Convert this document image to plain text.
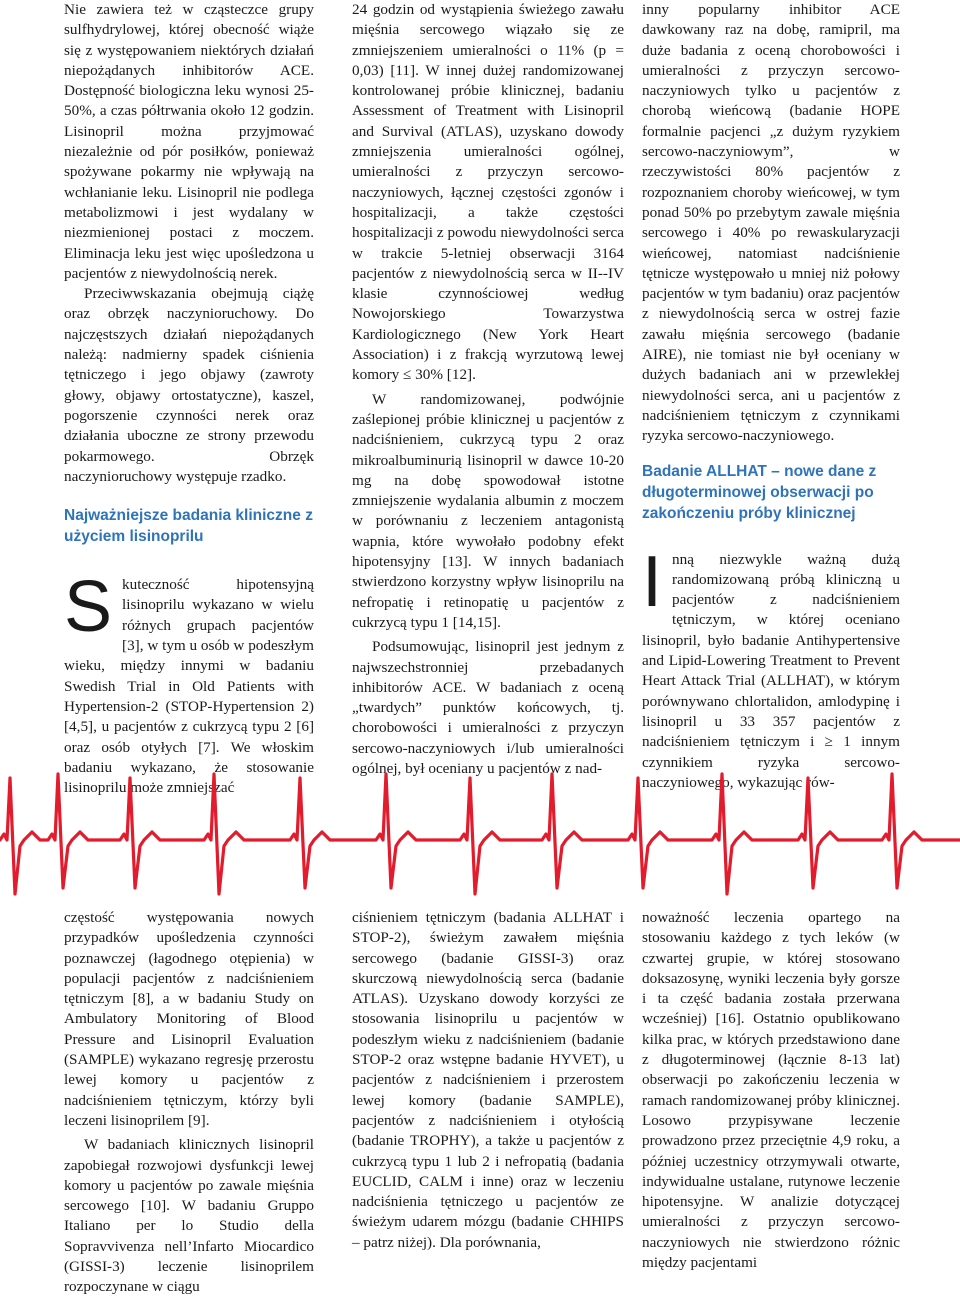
Nie zawiera też w cząsteczce grupy sulfhydrylowej, której obecność wiąże się z występowaniem niektórych działań niepożądanych inhibitorów ACE. Dostępność biologiczna leku wynosi 25-50%, a czas półtrwania około 12 godzin. Lisinopril można przyjmować niezależnie od pór posiłków, ponieważ spożywane pokarmy nie wpływają na wchłanianie leku. Lisinopril nie podlega metabolizmowi i jest wydalany w niezmienionej postaci z moczem. Eliminacja leku jest więc upośledzona u pacjentów z niewydolnością nerek.

Przeciwwskazania obejmują ciążę oraz obrzęk naczynioruchowy. Do najczęstszych działań niepożądanych należą: nadmierny spadek ciśnienia tętniczego i jego objawy (zawroty głowy, objawy ortostatyczne), kaszel, pogorszenie czynności nerek oraz działania uboczne ze strony przewodu pokarmowego. Obrzęk naczynioruchowy występuje rzadko.

Najważniejsze badania kliniczne z użyciem lisinoprilu

Skuteczność hipotensyjną lisinoprilu wykazano w wielu różnych grupach pacjentów [3], w tym u osób w podeszłym wieku, między innymi w badaniu Swedish Trial in Old Patients with Hypertension-2 (STOP-Hypertension 2) [4,5], u pacjentów z cukrzycą typu 2 [6] oraz osób otyłych [7]. We włoskim badaniu wykazano, że stosowanie lisinoprilu może zmniejszać

24 godzin od wystąpienia świeżego zawału mięśnia sercowego wiązało się ze zmniejszeniem umieralności o 11% (p = 0,03) [11]. W innej dużej randomizowanej kontrolowanej próbie klinicznej, badaniu Assessment of Treatment with Lisinopril and Survival (ATLAS), uzyskano dowody zmniejszenia umieralności ogólnej, umieralności z przyczyn sercowo-naczyniowych, łącznej częstości zgonów i hospitalizacji, a także częstości hospitalizacji z powodu niewydolności serca w trakcie 5-letniej obserwacji 3164 pacjentów z niewydolnością serca w II--IV klasie czynnościowej według Nowojorskiego Towarzystwa Kardiologicznego (New York Heart Association) i z frakcją wyrzutową lewej komory ≤ 30% [12].

W randomizowanej, podwójnie zaślepionej próbie klinicznej u pacjentów z nadciśnieniem, cukrzycą typu 2 oraz mikroalbuminurią lisinopril w dawce 10-20 mg na dobę spowodował istotne zmniejszenie wydalania albumin z moczem w porównaniu z leczeniem antagonistą wapnia, które wywołało podobny efekt hipotensyjny [13]. W innych badaniach stwierdzono korzystny wpływ lisinoprilu na nefropatię i retinopatię u pacjentów z cukrzycą typu 1 [14,15].

Podsumowując, lisinopril jest jednym z najwszechstronniej przebadanych inhibitorów ACE. W badaniach z oceną „twardych” punktów końcowych, tj. chorobowości i umieralności z przyczyn sercowo-naczyniowych i/lub umieralności ogólnej, był oceniany u pacjentów z nad-

inny popularny inhibitor ACE dawkowany raz na dobę, ramipril, ma duże badania z oceną chorobowości i umieralności z przyczyn sercowo-naczyniowych tylko u pacjentów z chorobą wieńcową (badanie HOPE formalnie pacjenci „z dużym ryzykiem sercowo-naczyniowym”, w rzeczywistości 80% pacjentów z rozpoznaniem choroby wieńcowej, w tym ponad 50% po przebytym zawale mięśnia sercowego i 40% po rewaskularyzacji wieńcowej, natomiast nadciśnienie tętnicze występowało u mniej niż połowy pacjentów w tym badaniu) oraz pacjentów z niewydolnością serca w ostrej fazie zawału mięśnia sercowego (badanie AIRE), nie tomiast nie był oceniany w dużych badaniach ani w przewlekłej niewydolności serca, ani u pacjentów z nadciśnieniem tętniczym z czynnikami ryzyka sercowo-naczyniowego.

Badanie ALLHAT – nowe dane z długoterminowej obserwacji po zakończeniu próby klinicznej

Inną niezwykle ważną dużą randomizowaną próbą kliniczną u pacjentów z nadciśnieniem tętniczym, w której oceniano lisinopril, było badanie Antihypertensive and Lipid-Lowering Treatment to Prevent Heart Attack Trial (ALLHAT), w którym porównywano chlortalidon, amlodypinę i lisinopril u 33 357 pacjentów z nadciśnieniem tętniczym i ≥ 1 innym czynnikiem ryzyka sercowo-naczyniowego, wykazując rów-

częstość występowania nowych przypadków upośledzenia czynności poznawczej (łagodnego otępienia) w populacji pacjentów z nadciśnieniem tętniczym [8], a w badaniu Study on Ambulatory Monitoring of Blood Pressure and Lisinopril Evaluation (SAMPLE) wykazano regresję przerostu lewej komory u pacjentów z nadciśnieniem tętniczym, którzy byli leczeni lisinoprilem [9].

W badaniach klinicznych lisinopril zapobiegał rozwojowi dysfunkcji lewej komory u pacjentów po zawale mięśnia sercowego [10]. W badaniu Gruppo Italiano per lo Studio della Sopravvivenza nell’Infarto Miocardico (GISSI-3) leczenie lisinoprilem rozpoczynane w ciągu

ciśnieniem tętniczym (badania ALLHAT i STOP-2), świeżym zawałem mięśnia sercowego (badanie GISSI-3) oraz skurczową niewydolnością serca (badanie ATLAS). Uzyskano dowody korzyści ze stosowania lisinoprilu u pacjentów w podeszłym wieku z nadciśnieniem (badanie STOP-2 oraz wstępne badanie HYVET), u pacjentów z nadciśnieniem i przerostem lewej komory (badanie SAMPLE), pacjentów z nadciśnieniem i otyłością (badanie TROPHY), a także u pacjentów z cukrzycą typu 1 lub 2 i nefropatią (badania EUCLID, CALM i inne) oraz w leczeniu nadciśnienia tętniczego u pacjentów ze świeżym udarem mózgu (badanie CHHIPS – patrz niżej). Dla porównania,

noważność leczenia opartego na stosowaniu każdego z tych leków (w czwartej grupie, w której stosowano doksazosynę, wyniki leczenia były gorsze i ta część badania została przerwana wcześniej) [16]. Ostatnio opublikowano kilka prac, w których przedstawiono dane z długoterminowej (łącznie 8-13 lat) obserwacji po zakończeniu leczenia w ramach randomizowanej próby klinicznej. Losowo przypisywane leczenie prowadzono przez przeciętnie 4,9 roku, a później uczestnicy otrzymywali otwarte, indywidualne ustalane, rutynowe leczenie hipotensyjne. W analizie dotyczącej umieralności z przyczyn sercowo-naczyniowych nie stwierdzono różnic między pacjentami
